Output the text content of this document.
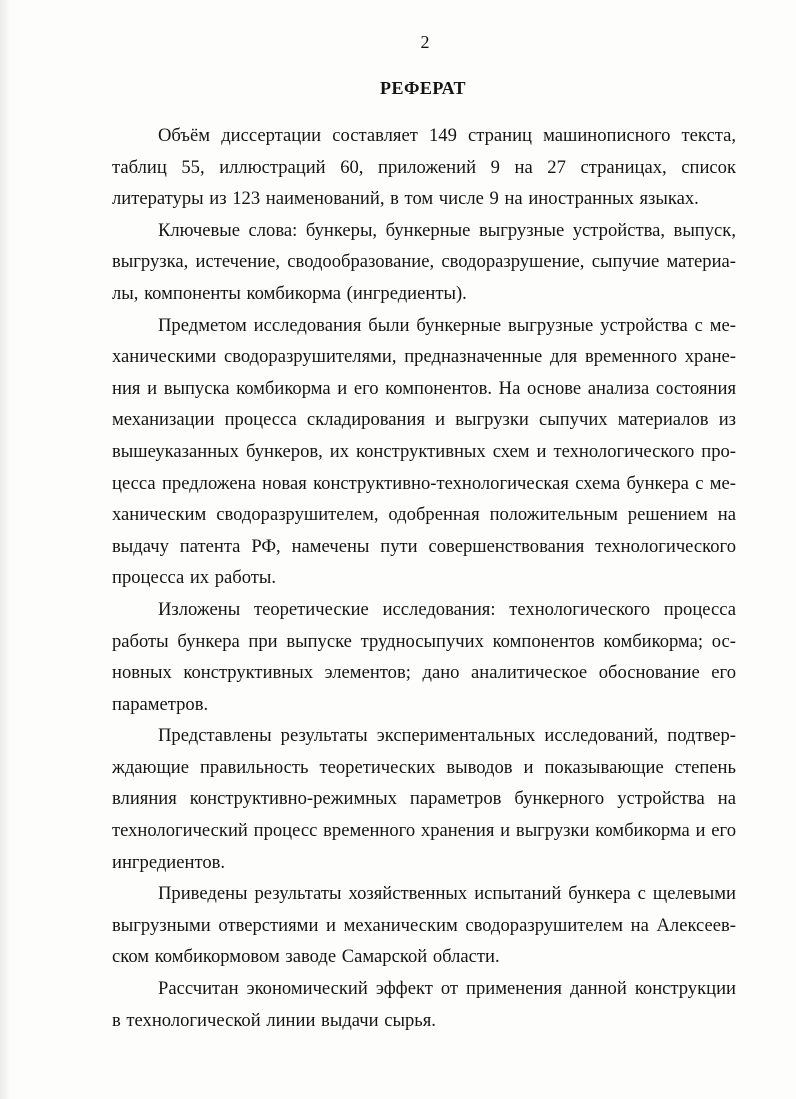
2
РЕФЕРАТ

Объём диссертации составляет 149 страниц машинописного текста, таблиц 55, иллюстраций 60, приложений 9 на 27 страницах, список литературы из 123 наименований, в том числе 9 на иностранных языках.

Ключевые слова: бункеры, бункерные выгрузные устройства, выпуск, выгрузка, истечение, сводообразование, сводоразрушение, сыпучие материалы, компоненты комбикорма (ингредиенты).

Предметом исследования были бункерные выгрузные устройства с механическими сводоразрушителями, предназначенные для временного хранения и выпуска комбикорма и его компонентов. На основе анализа состояния механизации процесса складирования и выгрузки сыпучих материалов из вышеуказанных бункеров, их конструктивных схем и технологического процесса предложена новая конструктивно-технологическая схема бункера с механическим сводоразрушителем, одобренная положительным решением на выдачу патента РФ, намечены пути совершенствования технологического процесса их работы.

Изложены теоретические исследования: технологического процесса работы бункера при выпуске трудносыпучих компонентов комбикорма; основных конструктивных элементов; дано аналитическое обоснование его параметров.

Представлены результаты экспериментальных исследований, подтверждающие правильность теоретических выводов и показывающие степень влияния конструктивно-режимных параметров бункерного устройства на технологический процесс временного хранения и выгрузки комбикорма и его ингредиентов.

Приведены результаты хозяйственных испытаний бункера с щелевыми выгрузными отверстиями и механическим сводоразрушителем на Алексеевском комбикормовом заводе Самарской области.

Рассчитан экономический эффект от применения данной конструкции в технологической линии выдачи сырья.
